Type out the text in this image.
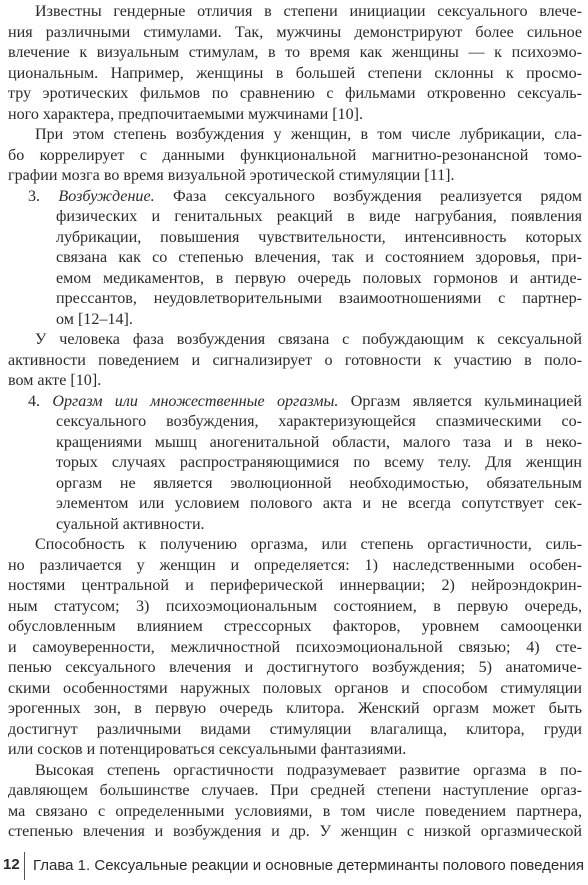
Известны гендерные отличия в степени инициации сексуального влече-
ния различными стимулами. Так, мужчины демонстрируют более сильное
влечение к визуальным стимулам, в то время как женщины — к психоэмо-
циональным. Например, женщины в большей степени склонны к просмо-
тру эротических фильмов по сравнению с фильмами откровенно сексуаль-
ного характера, предпочитаемыми мужчинами [10].
При этом степень возбуждения у женщин, в том числе лубрикации, сла-
бо коррелирует с данными функциональной магнитно-резонансной томо-
графии мозга во время визуальной эротической стимуляции [11].
3. Возбуждение. Фаза сексуального возбуждения реализуется рядом
физических и генитальных реакций в виде нагрубания, появления
лубрикации, повышения чувствительности, интенсивность которых
связана как со степенью влечения, так и состоянием здоровья, при-
емом медикаментов, в первую очередь половых гормонов и антиде-
прессантов, неудовлетворительными взаимоотношениями с партнер-
ом [12–14].
У человека фаза возбуждения связана с побуждающим к сексуальной
активности поведением и сигнализирует о готовности к участию в поло-
вом акте [10].
4. Оргазм или множественные оргазмы. Оргазм является кульминацией
сексуального возбуждения, характеризующейся спазмическими со-
кращениями мышц аногенитальной области, малого таза и в неко-
торых случаях распространяющимися по всему телу. Для женщин
оргазм не является эволюционной необходимостью, обязательным
элементом или условием полового акта и не всегда сопутствует сек-
суальной активности.
Способность к получению оргазма, или степень оргастичности, силь-
но различается у женщин и определяется: 1) наследственными особен-
ностями центральной и периферической иннервации; 2) нейроэндокрин-
ным статусом; 3) психоэмоциональным состоянием, в первую очередь,
обусловленным влиянием стрессорных факторов, уровнем самооценки
и самоуверенности, межличностной психоэмоциональной связью; 4) сте-
пенью сексуального влечения и достигнутого возбуждения; 5) анатомиче-
скими особенностями наружных половых органов и способом стимуляции
эрогенных зон, в первую очередь клитора. Женский оргазм может быть
достигнут различными видами стимуляции влагалища, клитора, груди
или сосков и потенцироваться сексуальными фантазиями.
Высокая степень оргастичности подразумевает развитие оргазма в по-
давляющем большинстве случаев. При средней степени наступление оргаз-
ма связано с определенными условиями, в том числе поведением партнера,
степенью влечения и возбуждения и др. У женщин с низкой оргазмической
12 Глава 1. Сексуальные реакции и основные детерминанты полового поведения
